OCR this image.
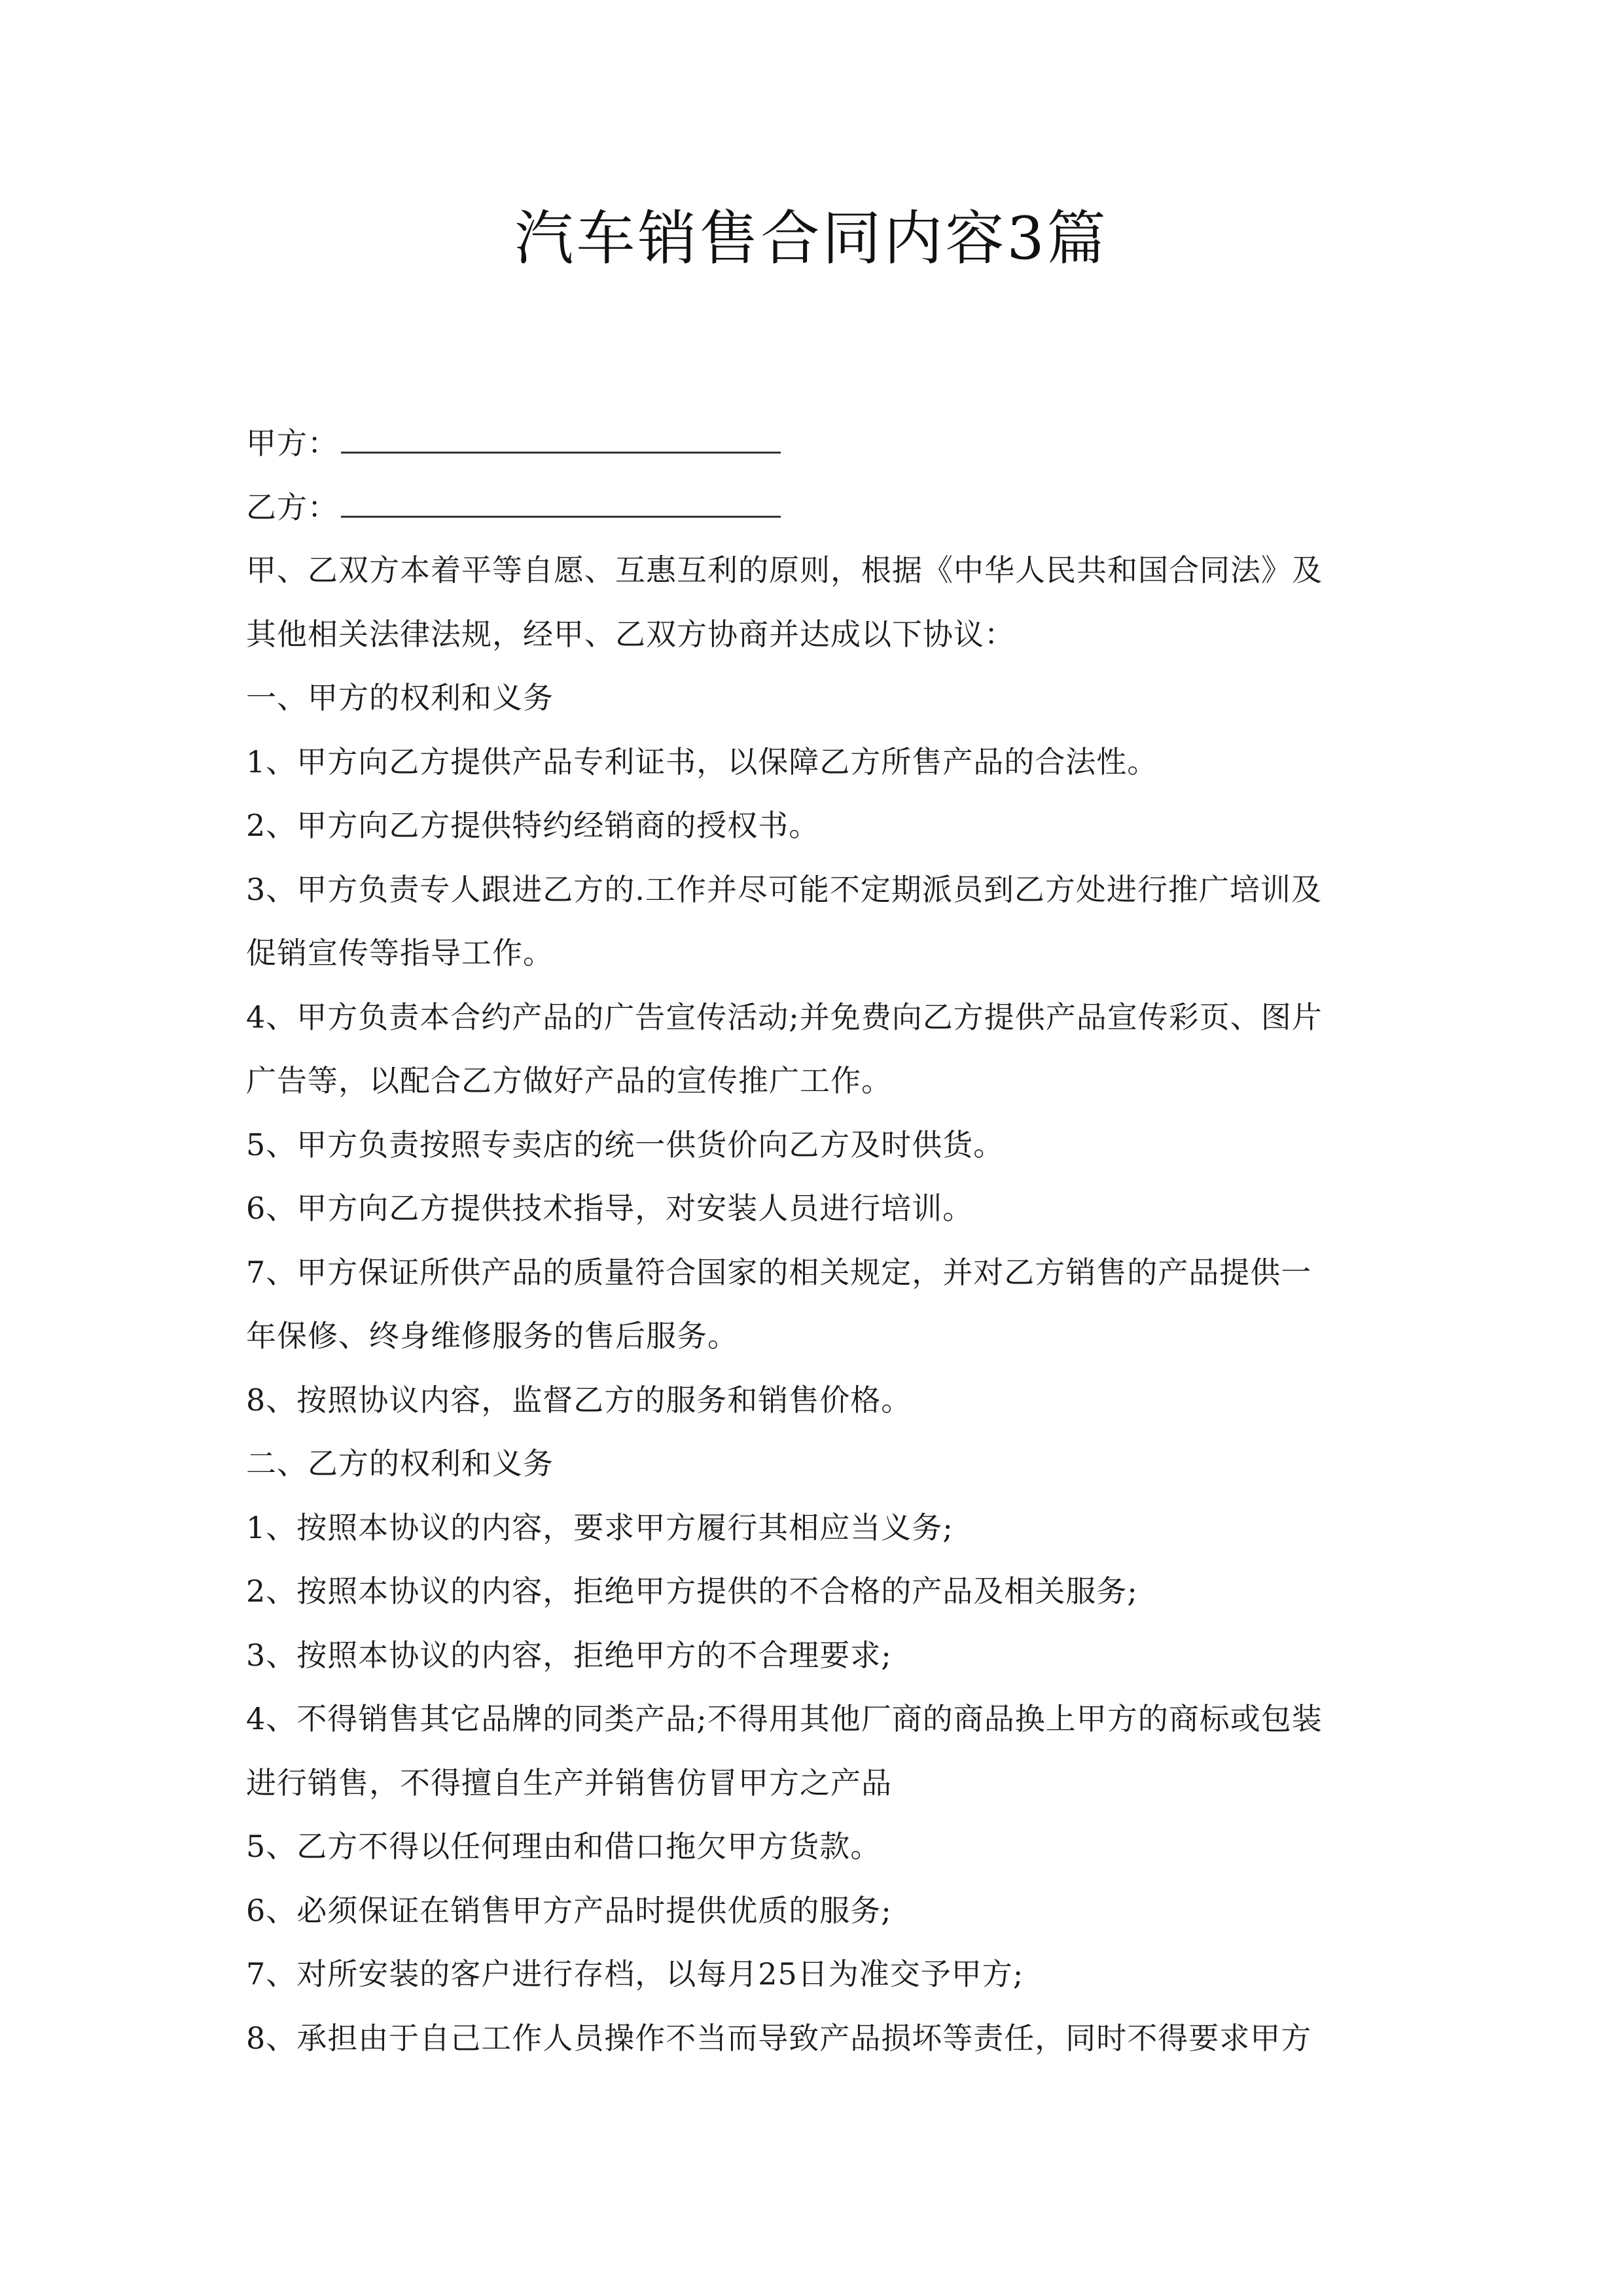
汽车销售合同内容3篇
甲方：
乙方：
甲、乙双方本着平等自愿、互惠互利的原则，根据《中华人民共和国合同法》及
其他相关法律法规，经甲、乙双方协商并达成以下协议：
一、甲方的权利和义务
1、甲方向乙方提供产品专利证书，以保障乙方所售产品的合法性。
2、甲方向乙方提供特约经销商的授权书。
3、甲方负责专人跟进乙方的.工作并尽可能不定期派员到乙方处进行推广培训及
促销宣传等指导工作。
4、甲方负责本合约产品的广告宣传活动;并免费向乙方提供产品宣传彩页、图片
广告等，以配合乙方做好产品的宣传推广工作。
5、甲方负责按照专卖店的统一供货价向乙方及时供货。
6、甲方向乙方提供技术指导，对安装人员进行培训。
7、甲方保证所供产品的质量符合国家的相关规定，并对乙方销售的产品提供一
年保修、终身维修服务的售后服务。
8、按照协议内容，监督乙方的服务和销售价格。
二、乙方的权利和义务
1、按照本协议的内容，要求甲方履行其相应当义务;
2、按照本协议的内容，拒绝甲方提供的不合格的产品及相关服务;
3、按照本协议的内容，拒绝甲方的不合理要求;
4、不得销售其它品牌的同类产品;不得用其他厂商的商品换上甲方的商标或包装
进行销售，不得擅自生产并销售仿冒甲方之产品
5、乙方不得以任何理由和借口拖欠甲方货款。
6、必须保证在销售甲方产品时提供优质的服务;
7、对所安装的客户进行存档，以每月25日为准交予甲方;
8、承担由于自己工作人员操作不当而导致产品损坏等责任，同时不得要求甲方
